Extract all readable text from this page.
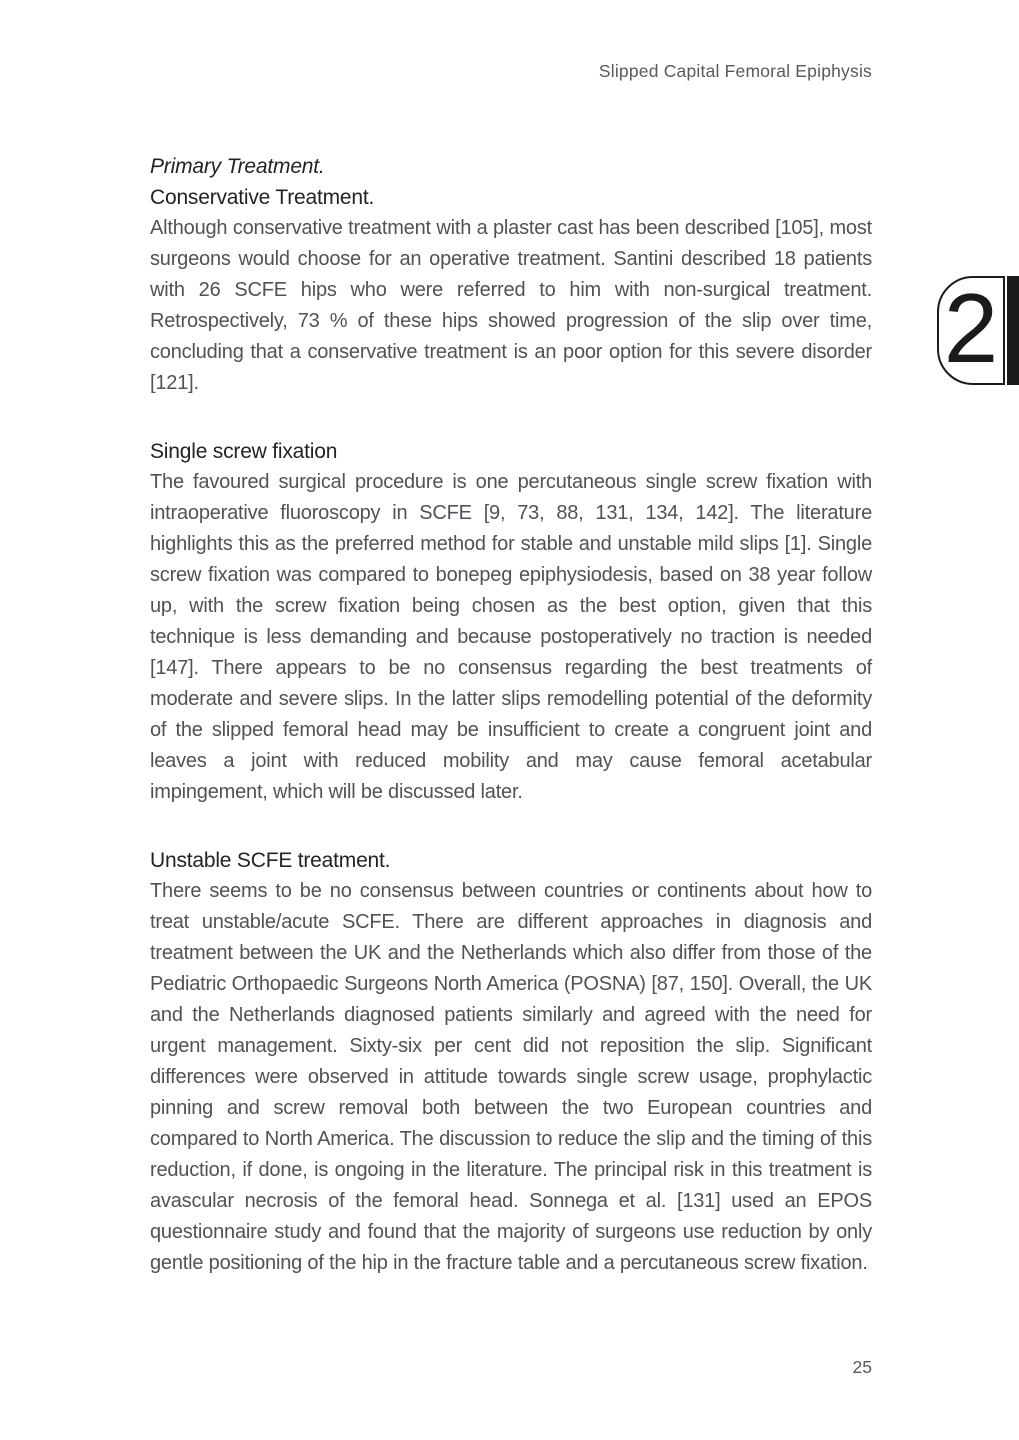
Slipped Capital Femoral Epiphysis
2
Primary Treatment.
Conservative Treatment.

Although conservative treatment with a plaster cast has been described [105], most surgeons would choose for an operative treatment. Santini described 18 patients with 26 SCFE hips who were referred to him with non-surgical treatment. Retrospectively, 73 % of these hips showed progression of the slip over time, concluding that a conservative treatment is an poor option for this severe disorder [121].

Single screw fixation

The favoured surgical procedure is one percutaneous single screw fixation with intraoperative fluoroscopy in SCFE [9, 73, 88, 131, 134, 142]. The literature highlights this as the preferred method for stable and unstable mild slips [1]. Single screw fixation was compared to bonepeg epiphysiodesis, based on 38 year follow up, with the screw fixation being chosen as the best option, given that this technique is less demanding and because postoperatively no traction is needed [147]. There appears to be no consensus regarding the best treatments of moderate and severe slips. In the latter slips remodelling potential of the deformity of the slipped femoral head may be insufficient to create a congruent joint and leaves a joint with reduced mobility and may cause femoral acetabular impingement, which will be discussed later.

Unstable SCFE treatment.

There seems to be no consensus between countries or continents about how to treat unstable/acute SCFE. There are different approaches in diagnosis and treatment between the UK and the Netherlands which also differ from those of the Pediatric Orthopaedic Surgeons North America (POSNA) [87, 150]. Overall, the UK and the Netherlands diagnosed patients similarly and agreed with the need for urgent management. Sixty-six per cent did not reposition the slip. Significant differences were observed in attitude towards single screw usage, prophylactic pinning and screw removal both between the two European countries and compared to North America. The discussion to reduce the slip and the timing of this reduction, if done, is ongoing in the literature. The principal risk in this treatment is avascular necrosis of the femoral head. Sonnega et al. [131] used an EPOS questionnaire study and found that the majority of surgeons use reduction by only gentle positioning of the hip in the fracture table and a percutaneous screw fixation.

25
